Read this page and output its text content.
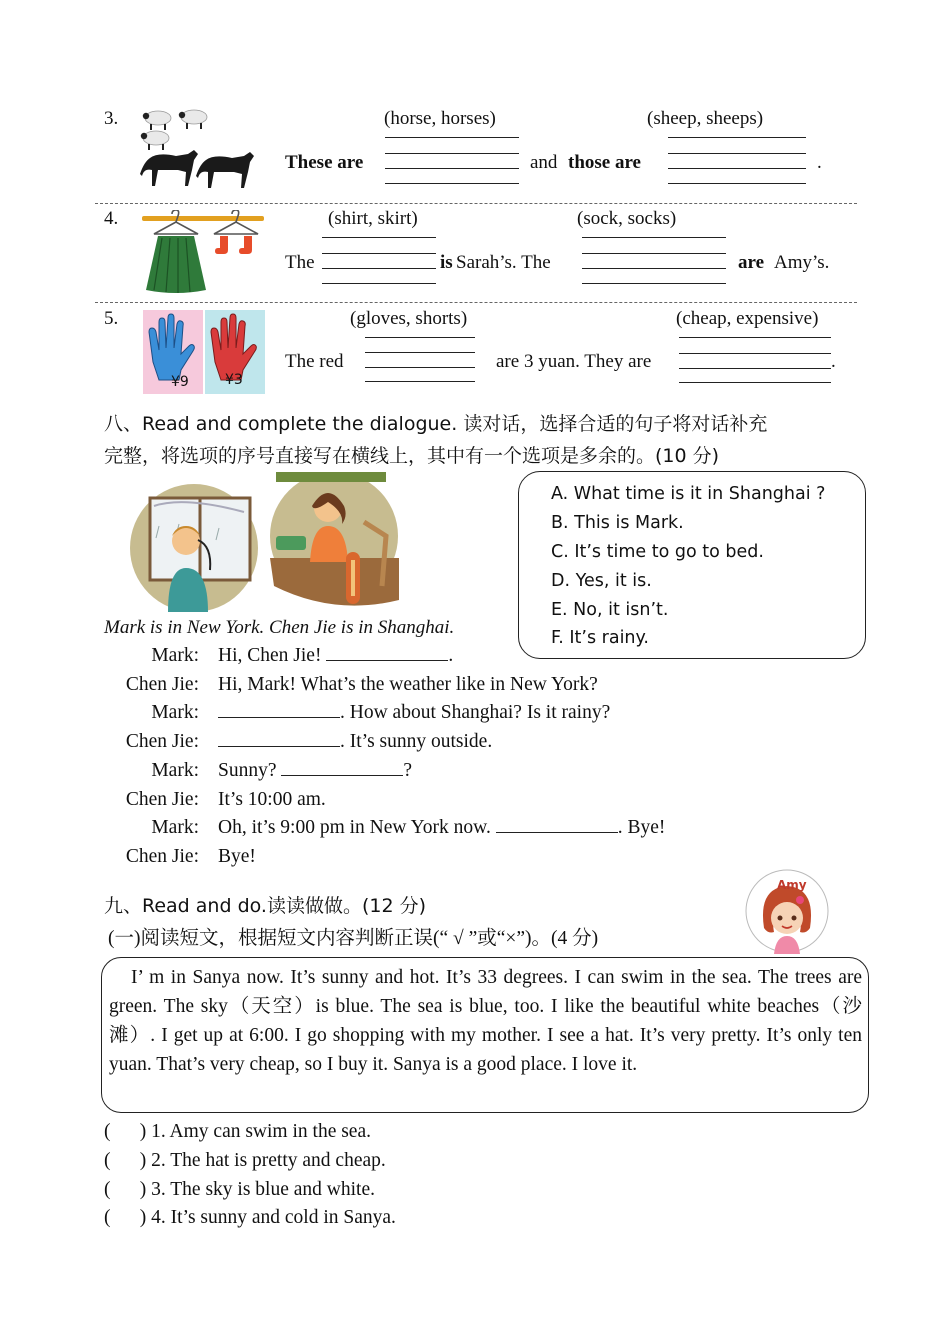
3.	(horse, horses)	(sheep, sheeps)
These are	and those are	.
4.	(shirt, skirt)	(sock, socks)
The	is Sarah’s. The	are Amy’s.
5.
¥9	¥3
(gloves, shorts)	(cheap, expensive)
The red	are 3 yuan. They are	.
八、Read and complete the dialogue. 读对话，选择合适的句子将对话补充
完整，将选项的序号直接写在横线上，其中有一个选项是多余的。(10 分)
Mark is in New York. Chen Jie is in Shanghai.
A. What time is it in Shanghai ?
B. This is Mark.
C. It’s time to go to bed.
D. Yes, it is.
E. No, it isn’t.
F. It’s rainy.
Mark: Hi, Chen Jie!	.
Chen Jie: Hi, Mark! What’s the weather like in New York?
Mark:	. How about Shanghai? Is it rainy?
Chen Jie:	. It’s sunny outside.
Mark: Sunny?	?
Chen Jie: It’s 10:00 am.
Mark: Oh, it’s 9:00 pm in New York now.	. Bye!
Chen Jie: Bye!
九、Read and do.读读做做。(12 分)
(一)阅读短文，根据短文内容判断正误(“ √ ”或“×”)。(4 分)
Amy

I’ m in Sanya now. It’s sunny and hot. It’s 33 degrees. I can swim in the sea. The trees are green. The sky（天空）is blue. The sea is blue, too. I like the beautiful white beaches（沙滩）. I get up at 6:00. I go shopping with my mother. I see a hat. It’s very pretty. It’s only ten yuan. That’s very cheap, so I buy it. Sanya is a good place. I love it.

(      ) 1. Amy can swim in the sea.
(      ) 2. The hat is pretty and cheap.
(      ) 3. The sky is blue and white.
(      ) 4. It’s sunny and cold in Sanya.
